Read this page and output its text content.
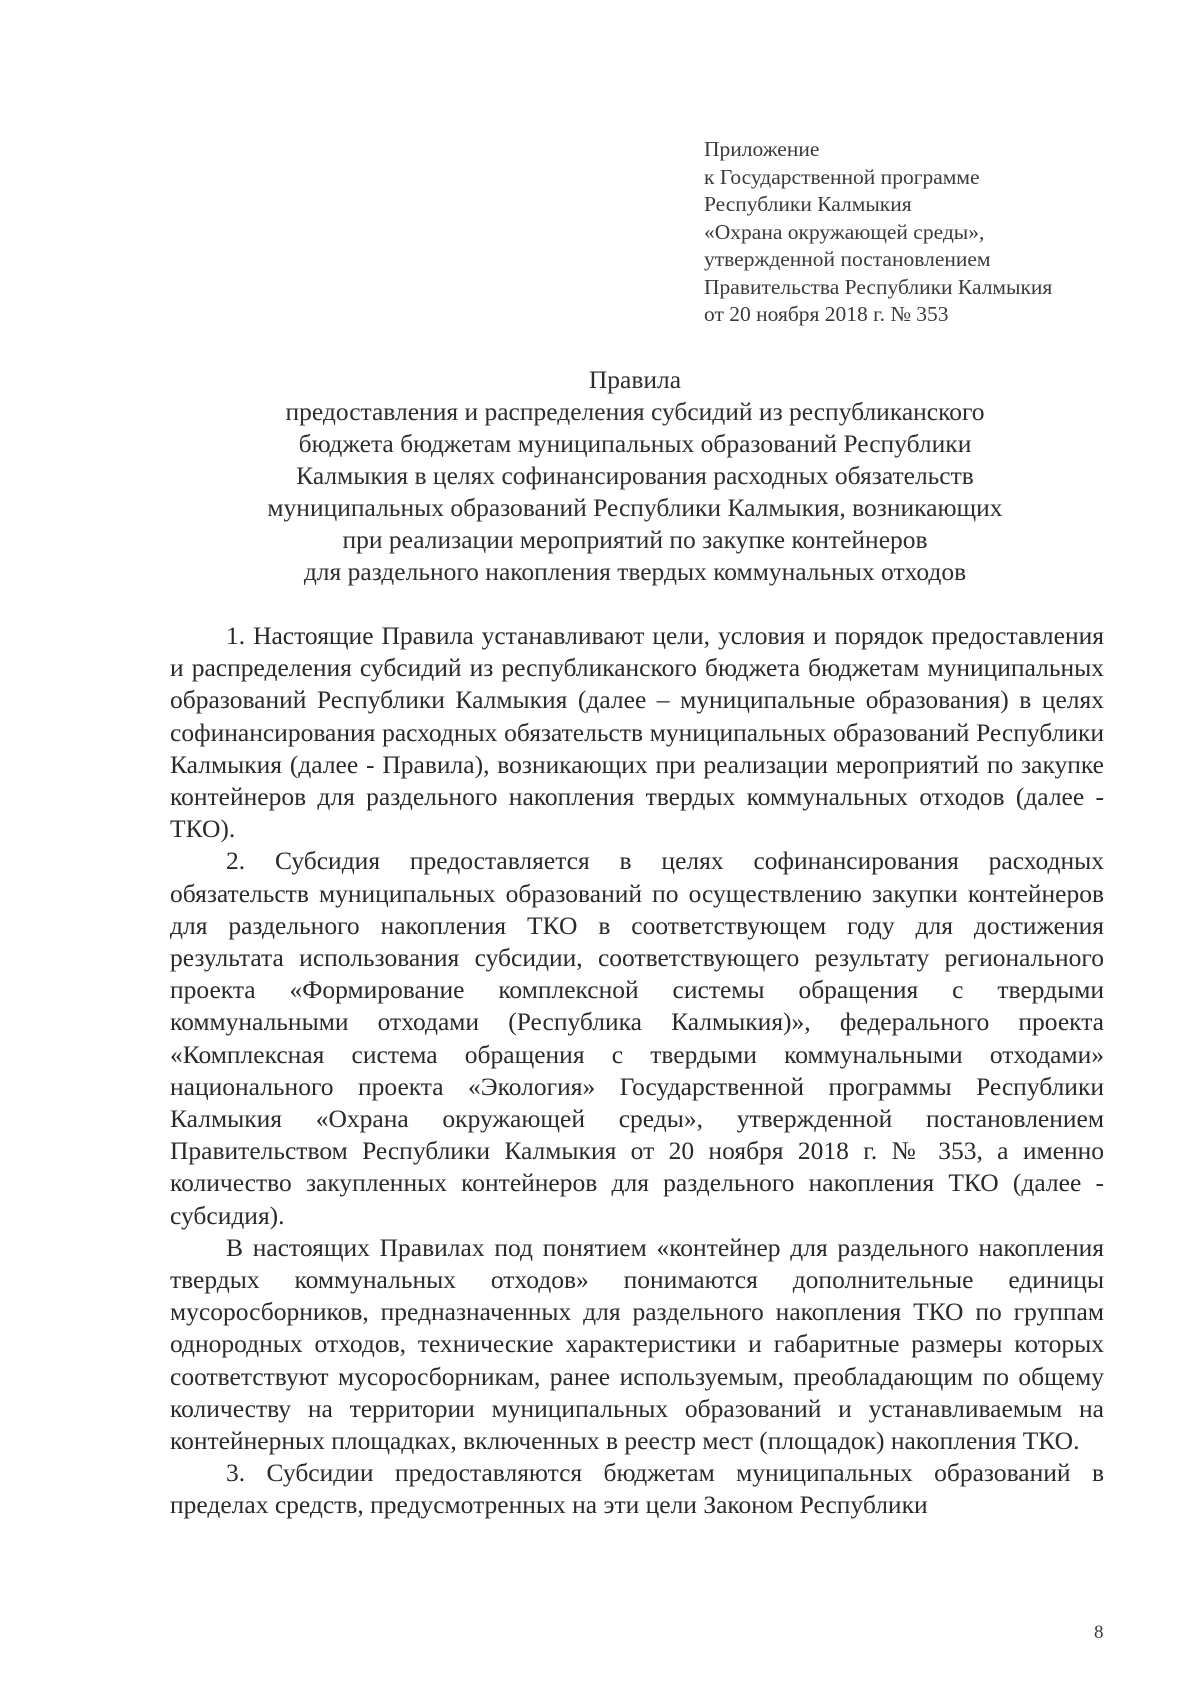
Приложение
к Государственной программе
Республики Калмыкия
«Охрана окружающей среды»,
утвержденной постановлением
Правительства Республики Калмыкия
от 20 ноября 2018 г. № 353
Правила
предоставления и распределения субсидий из республиканского
бюджета бюджетам муниципальных образований Республики
Калмыкия в целях софинансирования расходных обязательств
муниципальных образований Республики Калмыкия, возникающих
при реализации мероприятий по закупке контейнеров
для раздельного накопления твердых коммунальных отходов

1. Настоящие Правила устанавливают цели, условия и порядок предоставления и распределения субсидий из республиканского бюджета бюджетам муниципальных образований Республики Калмыкия (далее – муниципальные образования) в целях софинансирования расходных обязательств муниципальных образований Республики Калмыкия (далее - Правила), возникающих при реализации мероприятий по закупке контейнеров для раздельного накопления твердых коммунальных отходов (далее - ТКО).

2. Субсидия предоставляется в целях софинансирования расходных обязательств муниципальных образований по осуществлению закупки контейнеров для раздельного накопления ТКО в соответствующем году для достижения результата использования субсидии, соответствующего результату регионального проекта «Формирование комплексной системы обращения с твердыми коммунальными отходами (Республика Калмыкия)», федерального проекта «Комплексная система обращения с твердыми коммунальными отходами» национального проекта «Экология» Государственной программы Республики Калмыкия «Охрана окружающей среды», утвержденной постановлением Правительством Республики Калмыкия от 20 ноября 2018 г. № 353, а именно количество закупленных контейнеров для раздельного накопления ТКО (далее - субсидия).

В настоящих Правилах под понятием «контейнер для раздельного накопления твердых коммунальных отходов» понимаются дополнительные единицы мусоросборников, предназначенных для раздельного накопления ТКО по группам однородных отходов, технические характеристики и габаритные размеры которых соответствуют мусоросборникам, ранее используемым, преобладающим по общему количеству на территории муниципальных образований и устанавливаемым на контейнерных площадках, включенных в реестр мест (площадок) накопления ТКО.

3. Субсидии предоставляются бюджетам муниципальных образований в пределах средств, предусмотренных на эти цели Законом Республики

8
